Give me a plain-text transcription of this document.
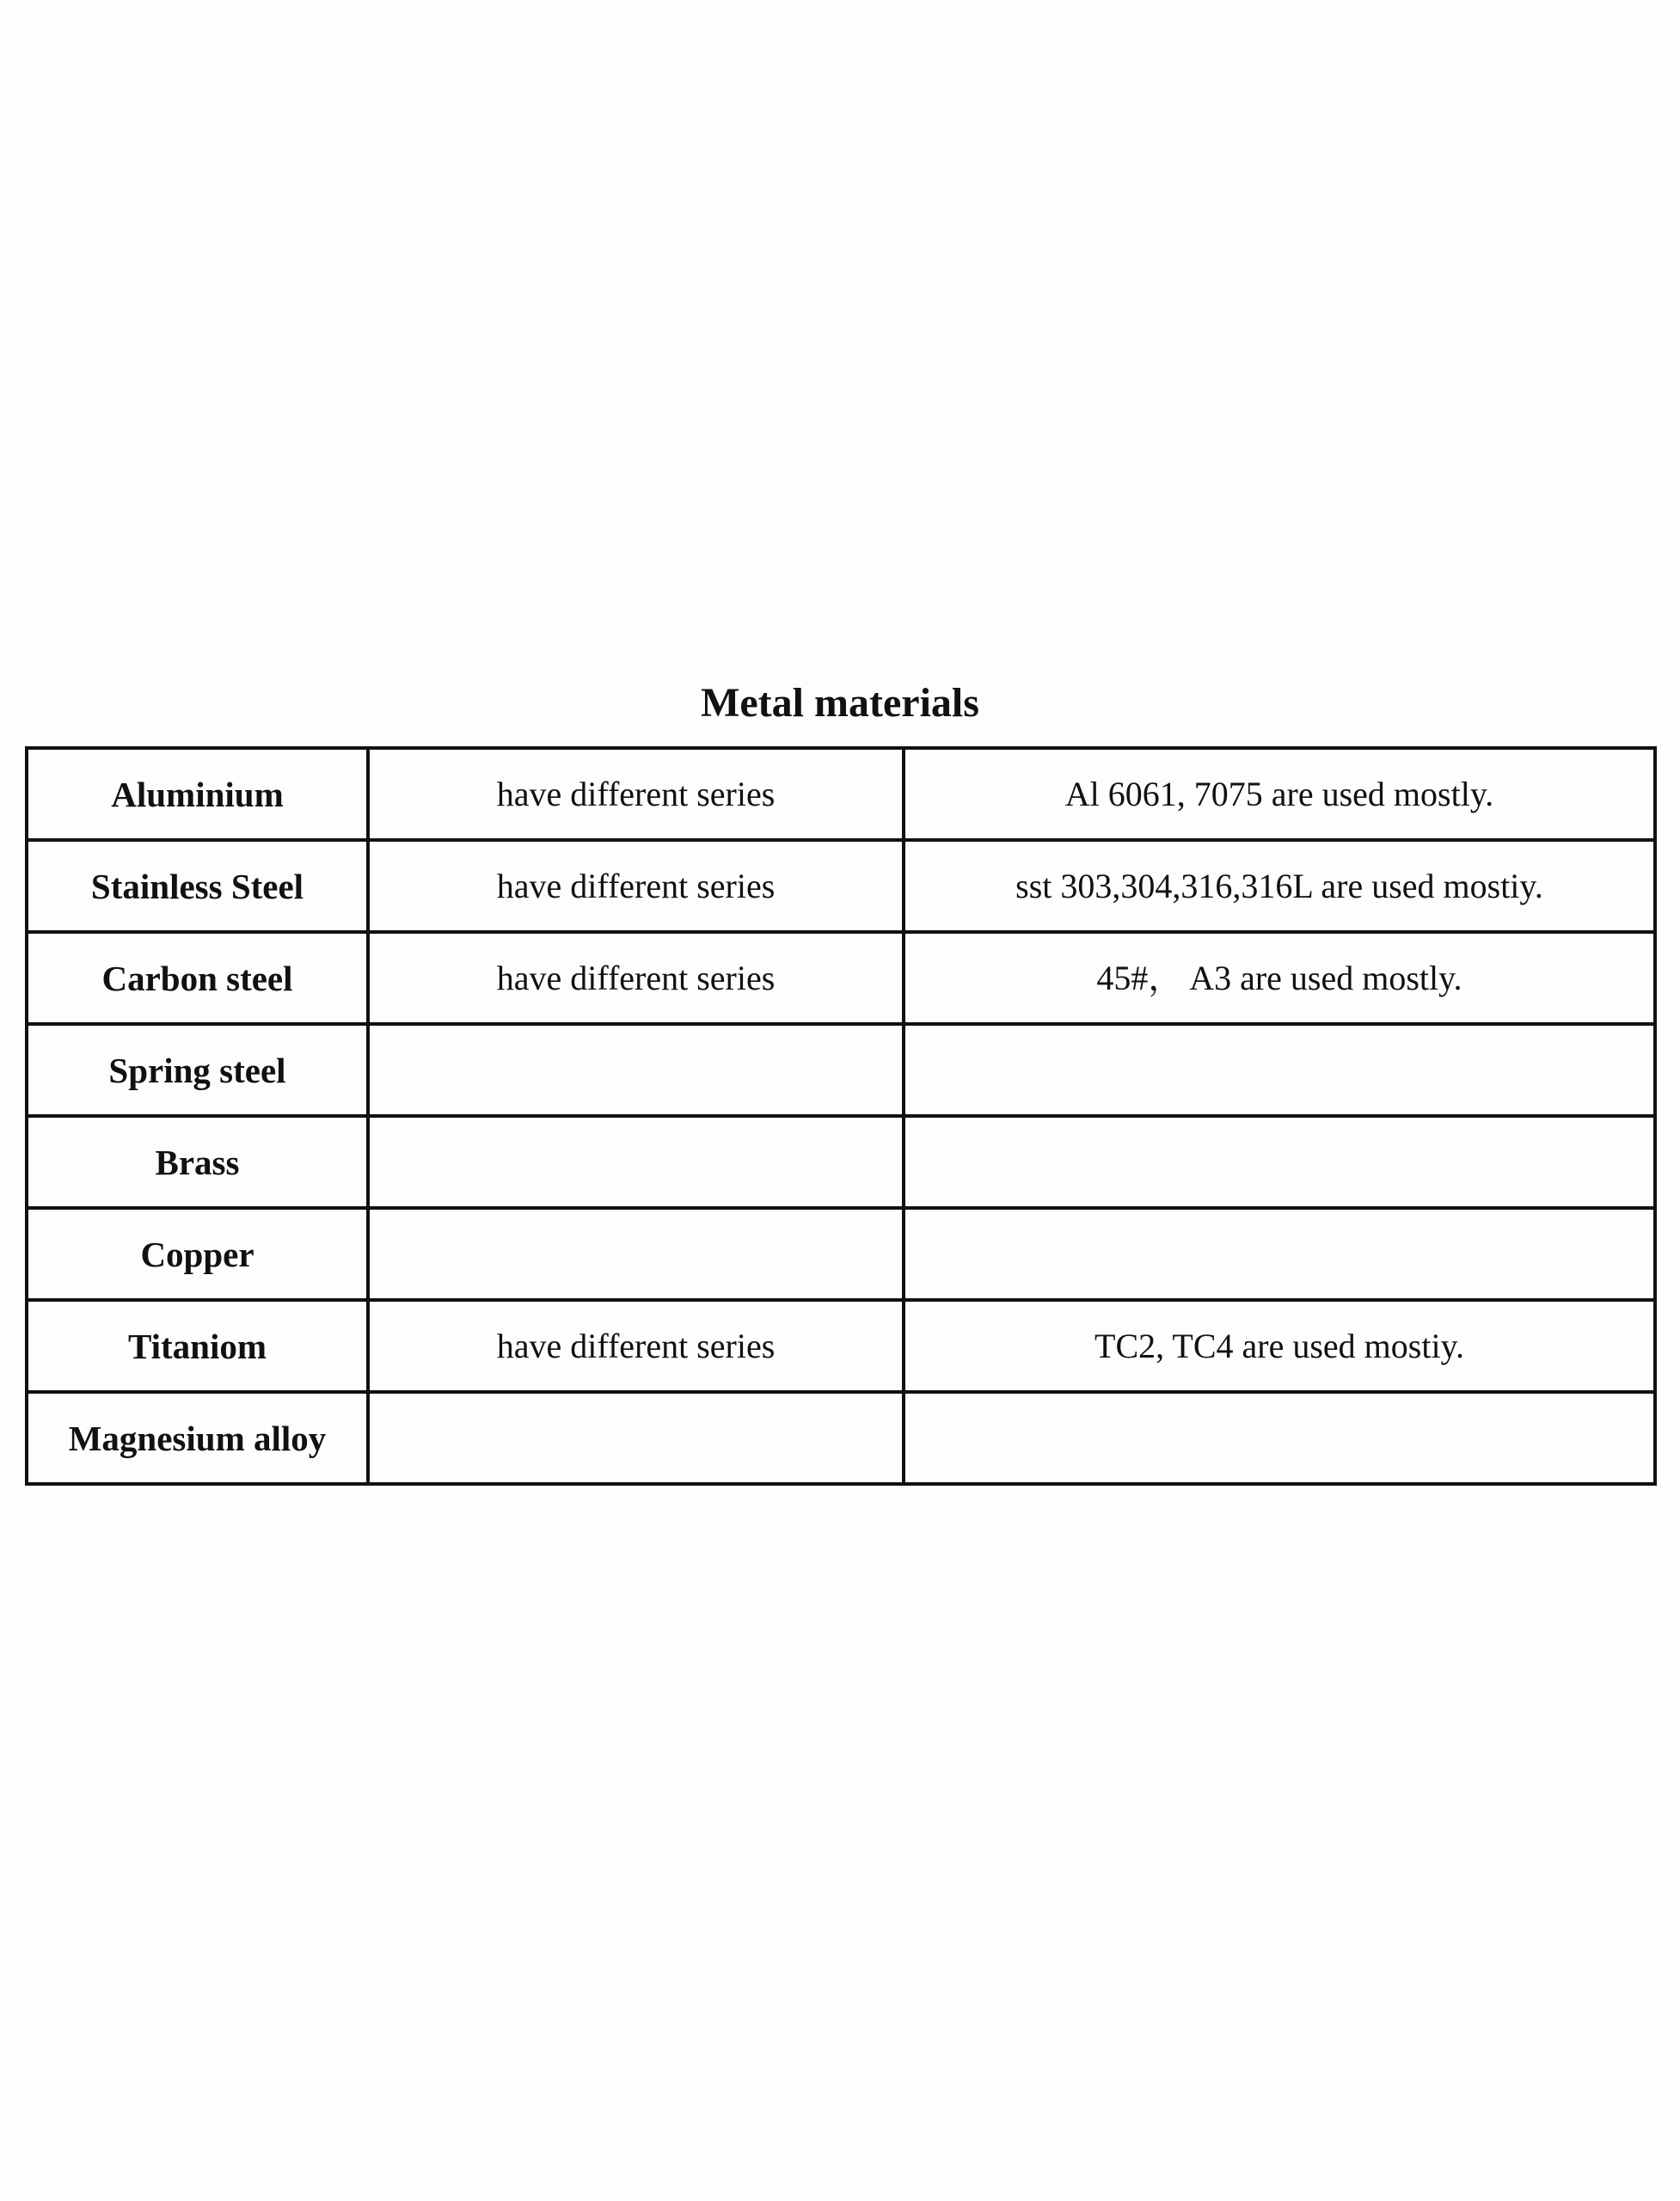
Metal materials
Aluminium	have different series	Al 6061, 7075 are used mostly.
Stainless Steel	have different series	sst 303,304,316,316L are used mostiy.
Carbon steel	have different series	45#， A3 are used mostly.
Spring steel		
Brass		
Copper		
Titaniom	have different series	TC2, TC4 are used mostiy.
Magnesium alloy		
